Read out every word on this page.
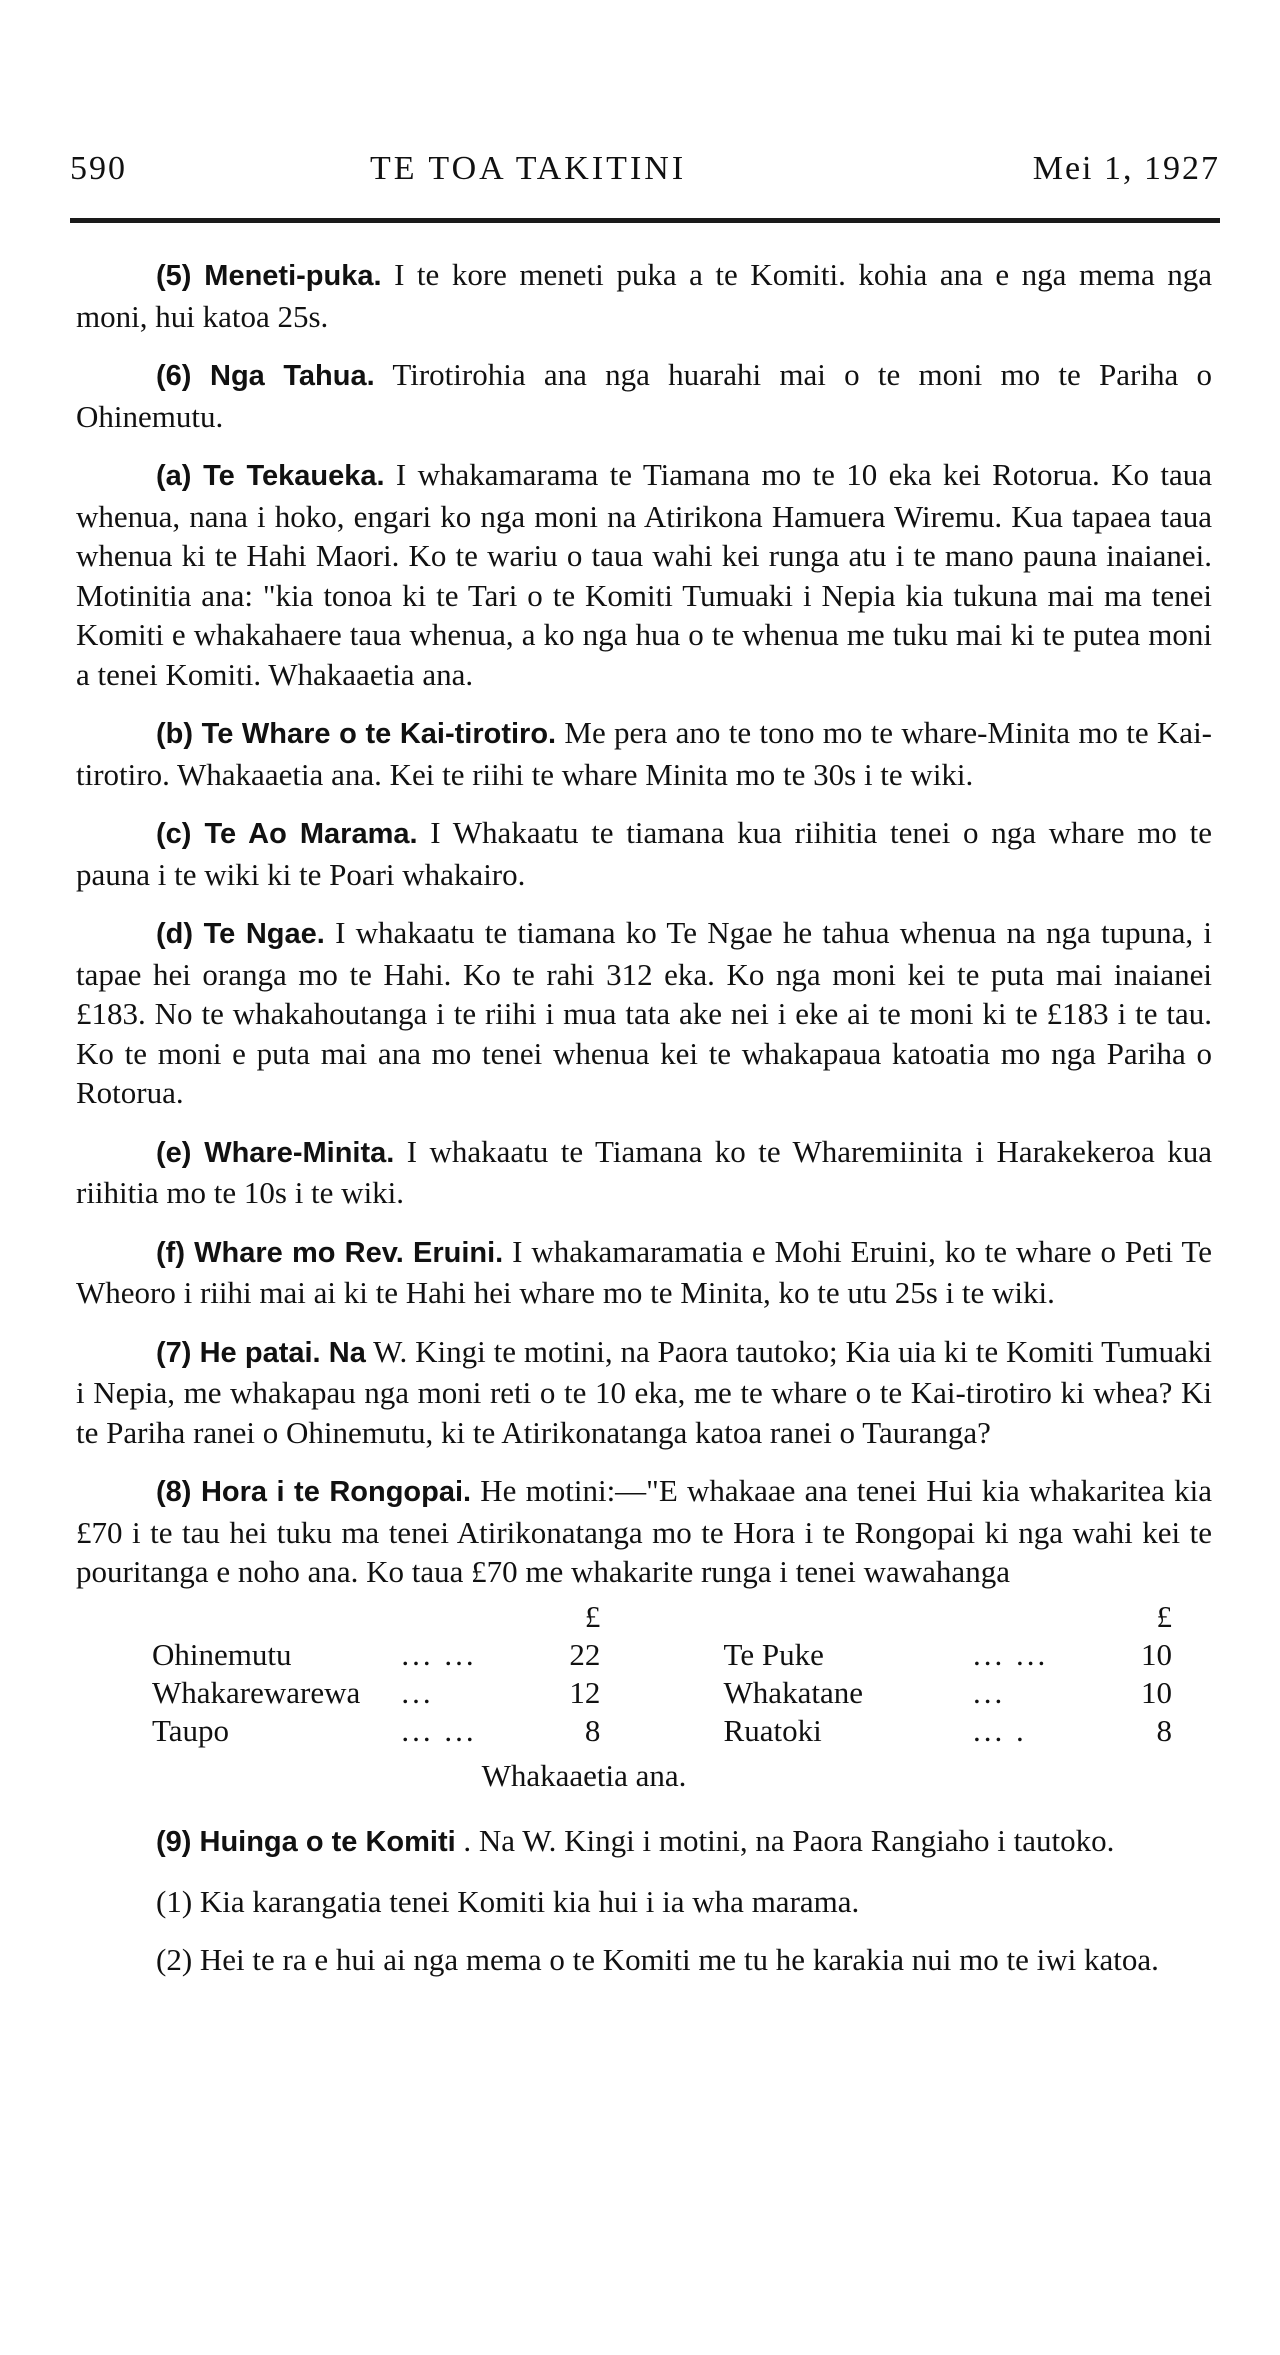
590	TE TOA TAKITINI	Mei 1, 1927

(5) Meneti-puka. I te kore meneti puka a te Komiti. kohia ana e nga mema nga moni, hui katoa 25s.

(6) Nga Tahua. Tirotirohia ana nga huarahi mai o te moni mo te Pariha o Ohinemutu.

(a) Te Tekaueka. I whakamarama te Tiamana mo te 10 eka kei Rotorua. Ko taua whenua, nana i hoko, engari ko nga moni na Atirikona Hamuera Wiremu. Kua tapaea taua whenua ki te Hahi Maori. Ko te wariu o taua wahi kei runga atu i te mano pauna inaianei. Motinitia ana: "kia tonoa ki te Tari o te Komiti Tumuaki i Nepia kia tukuna mai ma tenei Komiti e whakahaere taua whenua, a ko nga hua o te whenua me tuku mai ki te putea moni a tenei Komiti. Whakaaetia ana.

(b) Te Whare o te Kai-tirotiro. Me pera ano te tono mo te whare-Minita mo te Kai-tirotiro. Whakaaetia ana. Kei te riihi te whare Minita mo te 30s i te wiki.

(c) Te Ao Marama. I Whakaatu te tiamana kua riihitia tenei o nga whare mo te pauna i te wiki ki te Poari whakairo.

(d) Te Ngae. I whakaatu te tiamana ko Te Ngae he tahua whenua na nga tupuna, i tapae hei oranga mo te Hahi. Ko te rahi 312 eka. Ko nga moni kei te puta mai inaianei £183. No te whakahoutanga i te riihi i mua tata ake nei i eke ai te moni ki te £183 i te tau. Ko te moni e puta mai ana mo tenei whenua kei te whakapaua katoatia mo nga Pariha o Rotorua.

(e) Whare-Minita. I whakaatu te Tiamana ko te Wharemiinita i Harakekeroa kua riihitia mo te 10s i te wiki.

(f) Whare mo Rev. Eruini. I whakamaramatia e Mohi Eruini, ko te whare o Peti Te Wheoro i riihi mai ai ki te Hahi hei whare mo te Minita, ko te utu 25s i te wiki.

(7) He patai. Na W. Kingi te motini, na Paora tautoko; Kia uia ki te Komiti Tumuaki i Nepia, me whakapau nga moni reti o te 10 eka, me te whare o te Kai-tirotiro ki whea? Ki te Pariha ranei o Ohinemutu, ki te Atirikonatanga katoa ranei o Tauranga?

(8) Hora i te Rongopai. He motini:—"E whakaae ana tenei Hui kia whakaritea kia £70 i te tau hei tuku ma tenei Atirikonatanga mo te Hora i te Rongopai ki nga wahi kei te pouritanga e noho ana. Ko taua £70 me whakarite runga i tenei wawahanga

		£				£
Ohinemutu	... ...	22		Te Puke	... ...	10
Whakarewarewa	...	12		Whakatane	...	10
Taupo	... ...	8		Ruatoki	... .	8

Whakaaetia ana.

(9) Huinga o te Komiti . Na W. Kingi i motini, na Paora Rangiaho i tautoko.

(1) Kia karangatia tenei Komiti kia hui i ia wha marama.

(2) Hei te ra e hui ai nga mema o te Komiti me tu he karakia nui mo te iwi katoa.
